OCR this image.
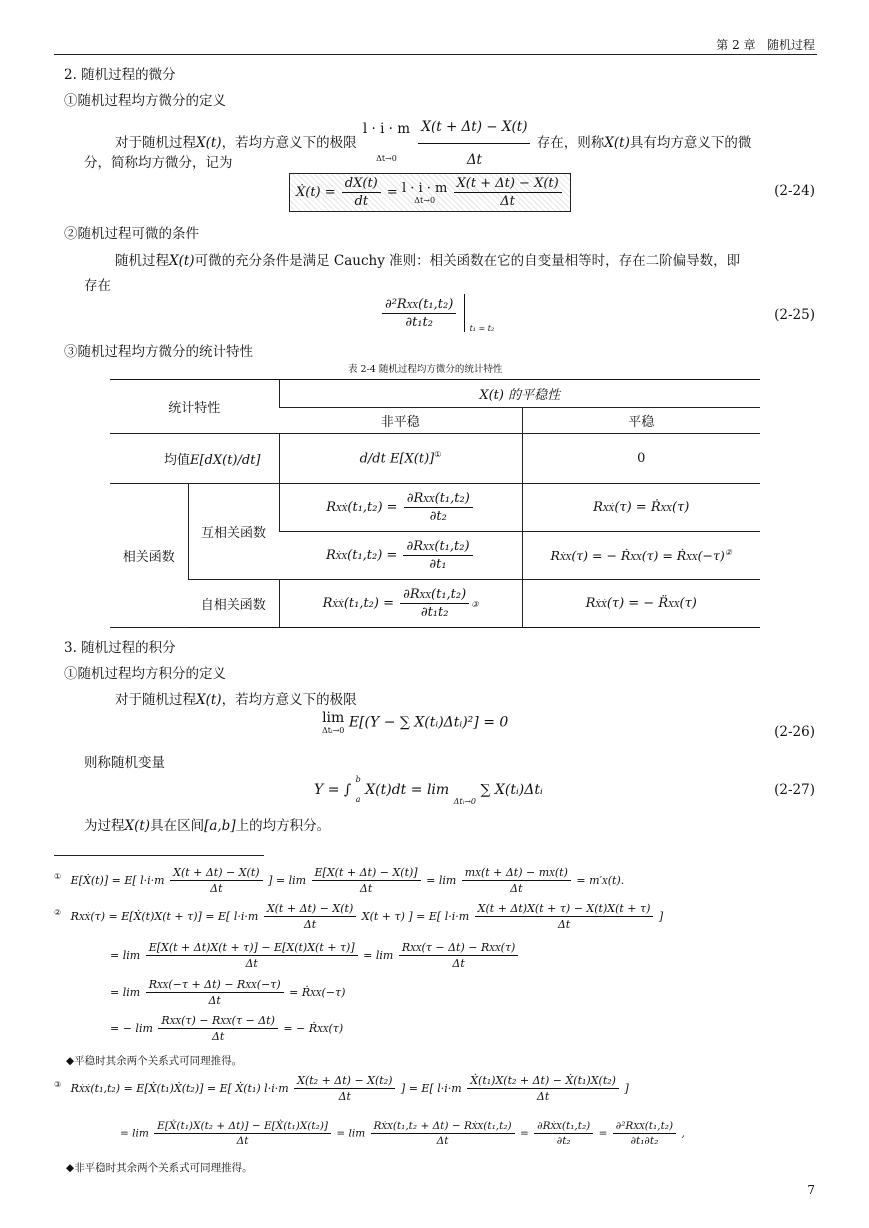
第 2 章 随机过程
2. 随机过程的微分
①随机过程均方微分的定义
对于随机过程X(t)，若均方意义下的极限
l · i · m
Δt→0
$\frac{X(t + \Delta t) - X(t)}{\Delta t}$ 存在，则称X(t)具有均方意义下的微
分，简称均方微分，记为
Ẋ(t) = $\frac{dX(t)}{dt} = l \cdot i \cdot m$
Δt→0
$\frac{X(t + \Delta t) - X(t)}{\Delta t}$	(2-24)
②随机过程可微的条件
随机过程X(t)可微的充分条件是满足 Cauchy 准则：相关函数在它的自变量相等时，存在二阶偏导数，即
存在
$\frac{\text{∂²RXX(t₁,t₂)}}{\text{∂t₁t₂}} _{t_1 = t_2}$
(2-25)
③随机过程均方微分的统计特性
表 2-4 随机过程均方微分的统计特性
统计特性		X(t) 的平稳性	
		非平稳	平稳
均值E[dX(t)/dt]		d/dt E[X(t)]①	0
相关函数	互相关函数	RXẊ(t₁,t₂) = $\frac{\text{∂RXX(t₁,t₂)}}{\text{∂t₂}}$	RXẊ(τ) = ṘXX(τ)
		RẊX(t₁,t₂) = $\frac{\text{∂RXX(t₁,t₂)}}{\text{∂t₁}}$	RẊX(τ) = − ṘXX(τ) = ṘXX(−τ)②
	自相关函数	RẊẊ(t₁,t₂) = $\frac{\text{∂RXX(t₁,t₂)}}{\text{∂t₁t₂}}$ ③	RẊẊ(τ) = − R̈XX(τ)
3. 随机过程的积分
①随机过程均方积分的定义
对于随机过程X(t)，若均方意义下的极限
lim
Δtᵢ→0 E[(Y − ∑ X(tᵢ)Δtᵢ)²] = 0
(2-26)
则称随机变量
Y = ∫
b
a
X(t)dt = lim $_{\Delta tᵢ\to 0}$ ∑ X(tᵢ)Δtᵢ	(2-27)
为过程X(t)具在区间[a,b]上的均方积分。
① E[Ẋ(t)] = E[ $l\cdot i\cdot m \frac{X(t + \Delta t) - X(t)}{\Delta t}$ ] = $\lim \frac{E[X(t + \Delta t) - X(t)]}{\Delta t} = \lim \frac{mX(t + \Delta t) - mX(t)}{\Delta t} = m'X(t)$.
② RXẊ(τ) = E[Ẋ(t)X(t + τ)] = E[ $l\cdot i\cdot m \frac{X(t + \Delta t) - X(t)}{\Delta t} X(t + \tau)$ ] = E[ $l\cdot i\cdot m \frac{X(t + \Delta t)X(t + \tau) - X(t)X(t + \tau)}{\Delta t}$ ]
= $\lim \frac{E[X(t + \Delta t)X(t + \tau)] - E[X(t)X(t + \tau)]}{\Delta t} = \lim \frac{\text{RXX(τ − Δt) − RXX(τ)}}{\Delta t}$
= $\lim \frac{\text{RXX(−τ + Δt) − RXX(−τ)}}{\Delta t}$ = ṘXX(−τ)
= − $\lim \frac{\text{RXX(τ) − RXX(τ − Δt)}}{\Delta t}$ = − ṘXX(τ)
◆平稳时其余两个关系式可同理推得。
③ RẊẊ(t₁,t₂) = E[Ẋ(t₁)Ẋ(t₂)] = E[ Ẋ(t₁) $l\cdot i\cdot m \frac{\text{X(t₂ + Δt) − X(t₂)}}{\Delta t}$ ] = E[ $l\cdot i\cdot m \frac{\text{Ẋ(t₁)X(t₂ + Δt) − Ẋ(t₁)X(t₂)}}{\Delta t}$ ]
= $\lim \frac{\text{E[Ẋ(t₁)X(t₂ + Δt)] − E[Ẋ(t₁)X(t₂)]}}{\Delta t} = \lim \frac{\text{RẊX(t₁,t₂ + Δt) − RẊX(t₁,t₂)}}{\Delta t} = \frac{\text{∂RẊX(t₁,t₂)}}{\text{∂t₂}} = \frac{\text{∂²RXX(t₁,t₂)}}{\text{∂t₁∂t₂}}$ ,
◆非平稳时其余两个关系式可同理推得。
7
